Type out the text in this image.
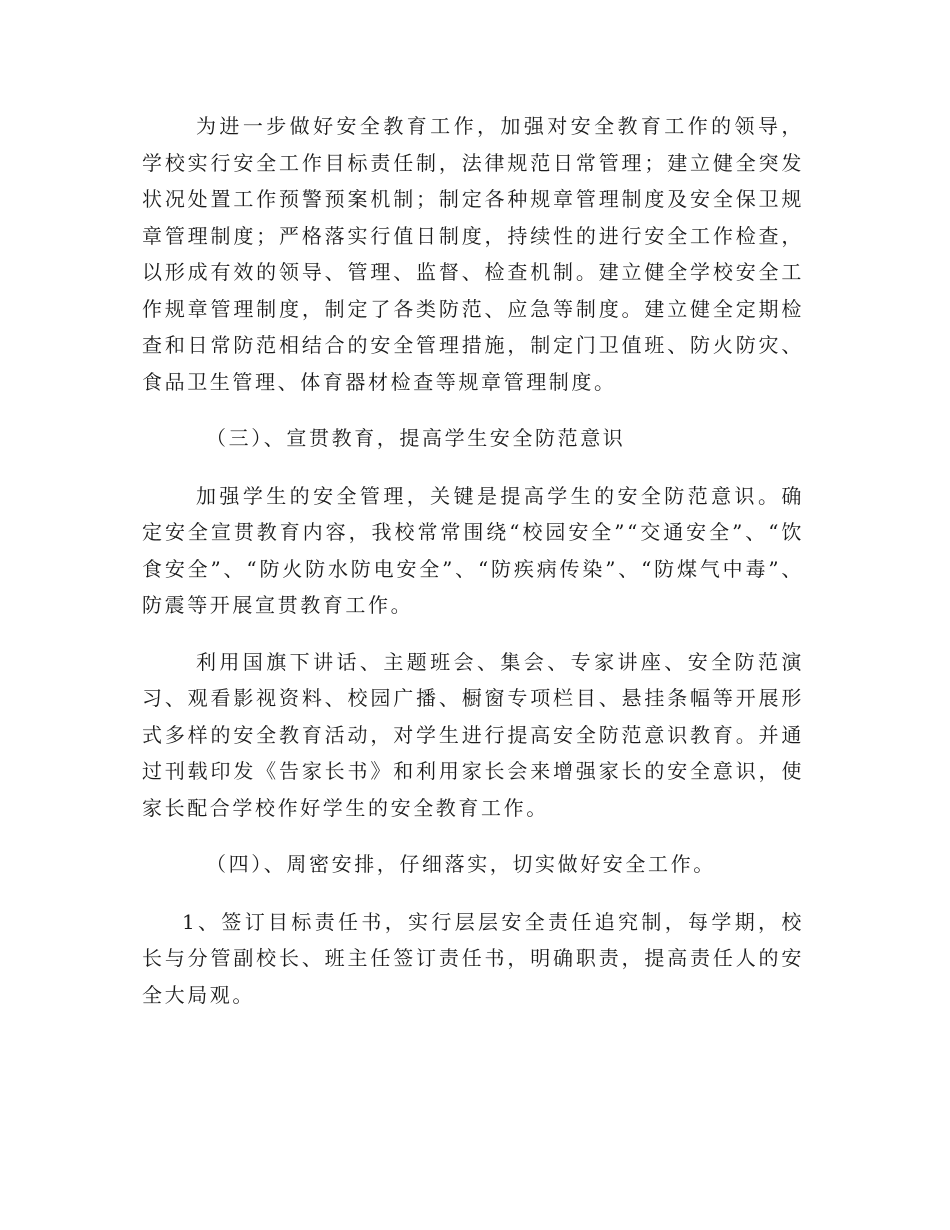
为进一步做好安全教育工作，加强对安全教育工作的领导，学校实行安全工作目标责任制，法律规范日常管理；建立健全突发状况处置工作预警预案机制；制定各种规章管理制度及安全保卫规章管理制度；严格落实行值日制度，持续性的进行安全工作检查，以形成有效的领导、管理、监督、检查机制。建立健全学校安全工作规章管理制度，制定了各类防范、应急等制度。建立健全定期检查和日常防范相结合的安全管理措施，制定门卫值班、防火防灾、食品卫生管理、体育器材检查等规章管理制度。

（三）、宣贯教育，提高学生安全防范意识

加强学生的安全管理，关键是提高学生的安全防范意识。确定安全宣贯教育内容，我校常常围绕“校园安全”“交通安全”、“饮食安全”、“防火防水防电安全”、“防疾病传染”、“防煤气中毒”、防震等开展宣贯教育工作。

利用国旗下讲话、主题班会、集会、专家讲座、安全防范演习、观看影视资料、校园广播、橱窗专项栏目、悬挂条幅等开展形式多样的安全教育活动，对学生进行提高安全防范意识教育。并通过刊载印发《告家长书》和利用家长会来增强家长的安全意识，使家长配合学校作好学生的安全教育工作。

（四）、周密安排，仔细落实，切实做好安全工作。

1、签订目标责任书，实行层层安全责任追究制，每学期，校长与分管副校长、班主任签订责任书，明确职责，提高责任人的安全大局观。
